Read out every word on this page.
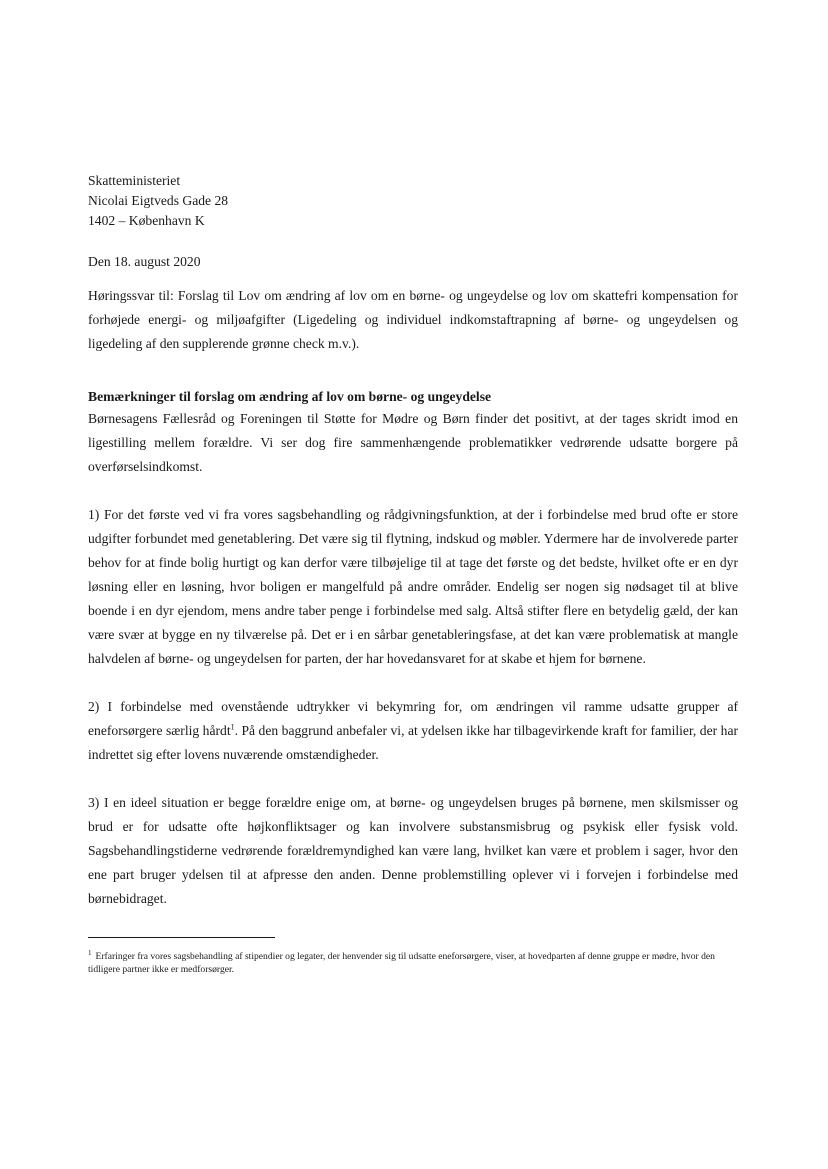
Skatteministeriet
Nicolai Eigtveds Gade 28
1402 – København K
Den 18. august 2020

Høringssvar til: Forslag til Lov om ændring af lov om en børne- og ungeydelse og lov om skattefri kompensation for forhøjede energi- og miljøafgifter (Ligedeling og individuel indkomstaftrapning af børne- og ungeydelsen og ligedeling af den supplerende grønne check m.v.).

Bemærkninger til forslag om ændring af lov om børne- og ungeydelse

Børnesagens Fællesråd og Foreningen til Støtte for Mødre og Børn finder det positivt, at der tages skridt imod en ligestilling mellem forældre. Vi ser dog fire sammenhængende problematikker vedrørende udsatte borgere på overførselsindkomst.

1) For det første ved vi fra vores sagsbehandling og rådgivningsfunktion, at der i forbindelse med brud ofte er store udgifter forbundet med genetablering. Det være sig til flytning, indskud og møbler. Ydermere har de involverede parter behov for at finde bolig hurtigt og kan derfor være tilbøjelige til at tage det første og det bedste, hvilket ofte er en dyr løsning eller en løsning, hvor boligen er mangelfuld på andre områder. Endelig ser nogen sig nødsaget til at blive boende i en dyr ejendom, mens andre taber penge i forbindelse med salg. Altså stifter flere en betydelig gæld, der kan være svær at bygge en ny tilværelse på. Det er i en sårbar genetableringsfase, at det kan være problematisk at mangle halvdelen af børne- og ungeydelsen for parten, der har hovedansvaret for at skabe et hjem for børnene.

2) I forbindelse med ovenstående udtrykker vi bekymring for, om ændringen vil ramme udsatte grupper af eneforsørgere særlig hårdt$^1$. På den baggrund anbefaler vi, at ydelsen ikke har tilbagevirkende kraft for familier, der har indrettet sig efter lovens nuværende omstændigheder.

3) I en ideel situation er begge forældre enige om, at børne- og ungeydelsen bruges på børnene, men skilsmisser og brud er for udsatte ofte højkonfliktsager og kan involvere substansmisbrug og psykisk eller fysisk vold. Sagsbehandlingstiderne vedrørende forældremyndighed kan være lang, hvilket kan være et problem i sager, hvor den ene part bruger ydelsen til at afpresse den anden. Denne problemstilling oplever vi i forvejen i forbindelse med børnebidraget.

$^1$ Erfaringer fra vores sagsbehandling af stipendier og legater, der henvender sig til udsatte eneforsørgere, viser, at hovedparten af denne gruppe er mødre, hvor den tidligere partner ikke er medforsørger.
